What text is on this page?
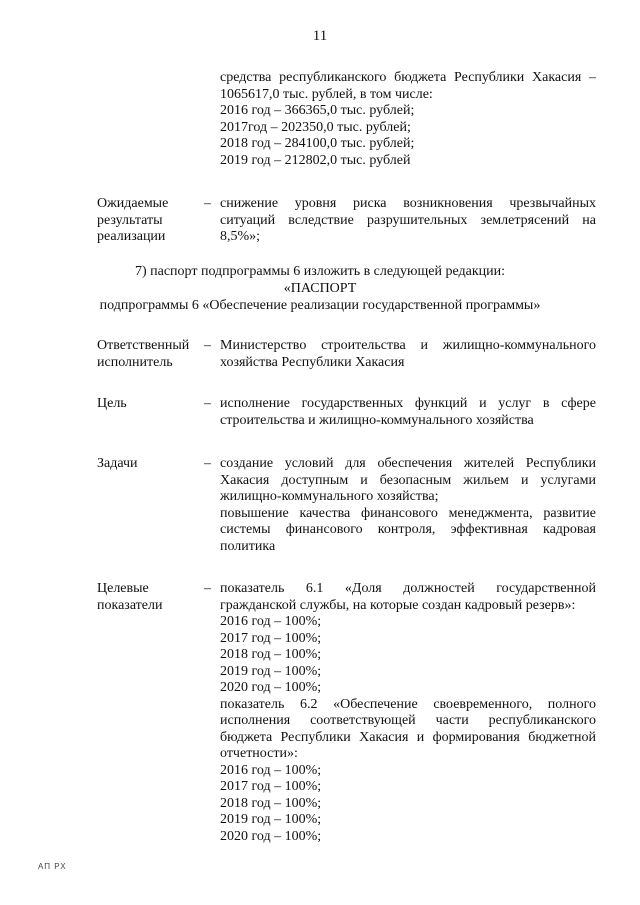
11
средства республиканского бюджета Республики Хакасия –
1065617,0 тыс. рублей, в том числе:
2016 год – 366365,0 тыс. рублей;
2017год – 202350,0 тыс. рублей;
2018 год – 284100,0 тыс. рублей;
2019 год – 212802,0 тыс. рублей
Ожидаемые результаты реализации
– снижение уровня риска возникновения чрезвычайных ситуаций вследствие разрушительных землетрясений на 8,5%»;
7) паспорт подпрограммы 6 изложить в следующей редакции:
«ПАСПОРТ
подпрограммы 6 «Обеспечение реализации государственной программы»
Ответственный исполнитель
– Министерство строительства и жилищно-коммунального хозяйства Республики Хакасия
Цель	– исполнение государственных функций и услуг в сфере строительства и жилищно-коммунального хозяйства
Задачи	– создание условий для обеспечения жителей Республики Хакасия доступным и безопасным жильем и услугами жилищно-коммунального хозяйства;
повышение качества финансового менеджмента, развитие системы финансового контроля, эффективная кадровая политика
Целевые показатели
– показатель 6.1 «Доля должностей государственной гражданской службы, на которые создан кадровый резерв»:
2016 год – 100%;
2017 год – 100%;
2018 год – 100%;
2019 год – 100%;
2020 год – 100%;
показатель 6.2 «Обеспечение своевременного, полного исполнения соответствующей части республиканского бюджета Республики Хакасия и формирования бюджетной отчетности»:
2016 год – 100%;
2017 год – 100%;
2018 год – 100%;
2019 год – 100%;
2020 год – 100%;
АП РХ
